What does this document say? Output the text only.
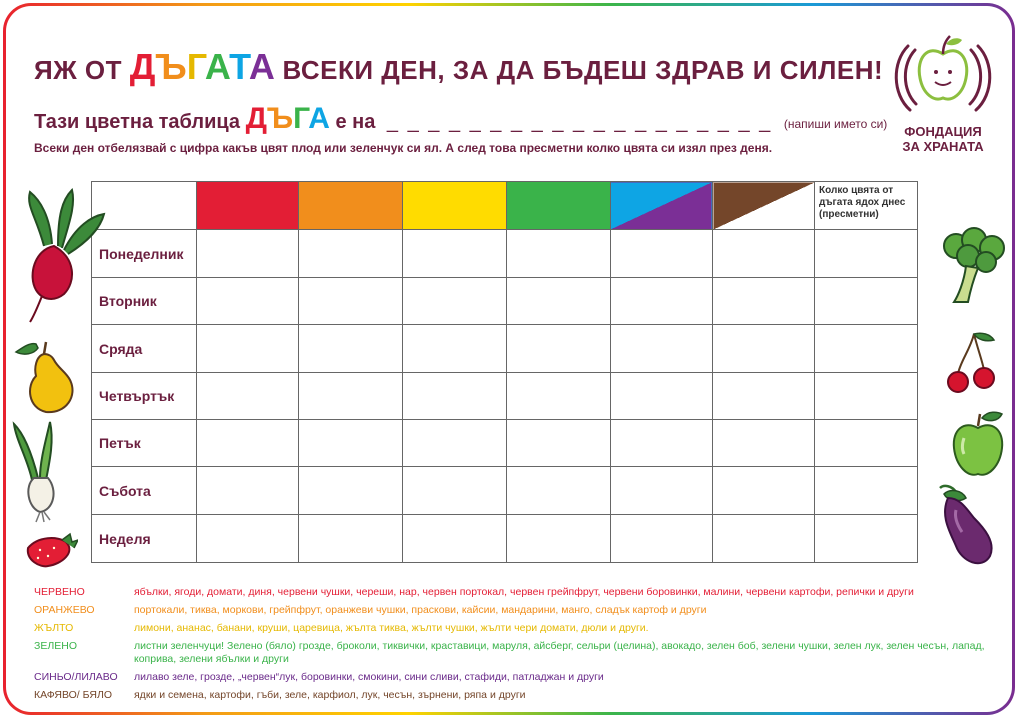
ЯЖ ОТ ДЪГАТА ВСЕКИ ДЕН, ЗА ДА БЪДЕШ ЗДРАВ И СИЛЕН!
Тази цветна таблица ДЪГА е на _ _ _ _ _ _ _ _ _ _ _ _ _ _ _ _ _ _ _ (напиши името си)
Всеки ден отбелязвай с цифра какъв цвят плод или зеленчук си ял. А след това пресметни колко цвята си изял през деня.
ФОНДАЦИЯ
ЗА ХРАНАТА
							Колко цвята от дъгата ядох днес (пресметни)
Понеделник							
Вторник							
Сряда							
Четвъртък							
Петък							
Събота							
Неделя							
ЧЕРВЕНО	ябълки, ягоди, домати, диня, червени чушки, череши, нар, червен портокал, червен грейпфрут, червени боровинки, малини, червени картофи, репички и други
ОРАНЖЕВО	портокали, тиква, моркови, грейпфрут, оранжеви чушки, праскови, кайсии, мандарини, манго, сладък картоф и други
ЖЪЛТО	лимони, ананас, банани, круши, царевица, жълта тиква, жълти чушки, жълти чери домати, дюли и други.
ЗЕЛЕНО	листни зеленчуци! Зелено (бяло) грозде, броколи, тиквички, краставици, маруля, айсберг, сельри (целина), авокадо, зелен боб, зелени чушки, зелен лук, зелен чесън, лапад, коприва, зелени ябълки и други
СИНЬО/ЛИЛАВО	лилаво зеле, грозде, „червен“лук, боровинки, смокини, сини сливи, стафиди, патладжан и други
КАФЯВО/ БЯЛО	ядки и семена, картофи, гъби, зеле, карфиол, лук, чесън, зърнени, ряпа и други
